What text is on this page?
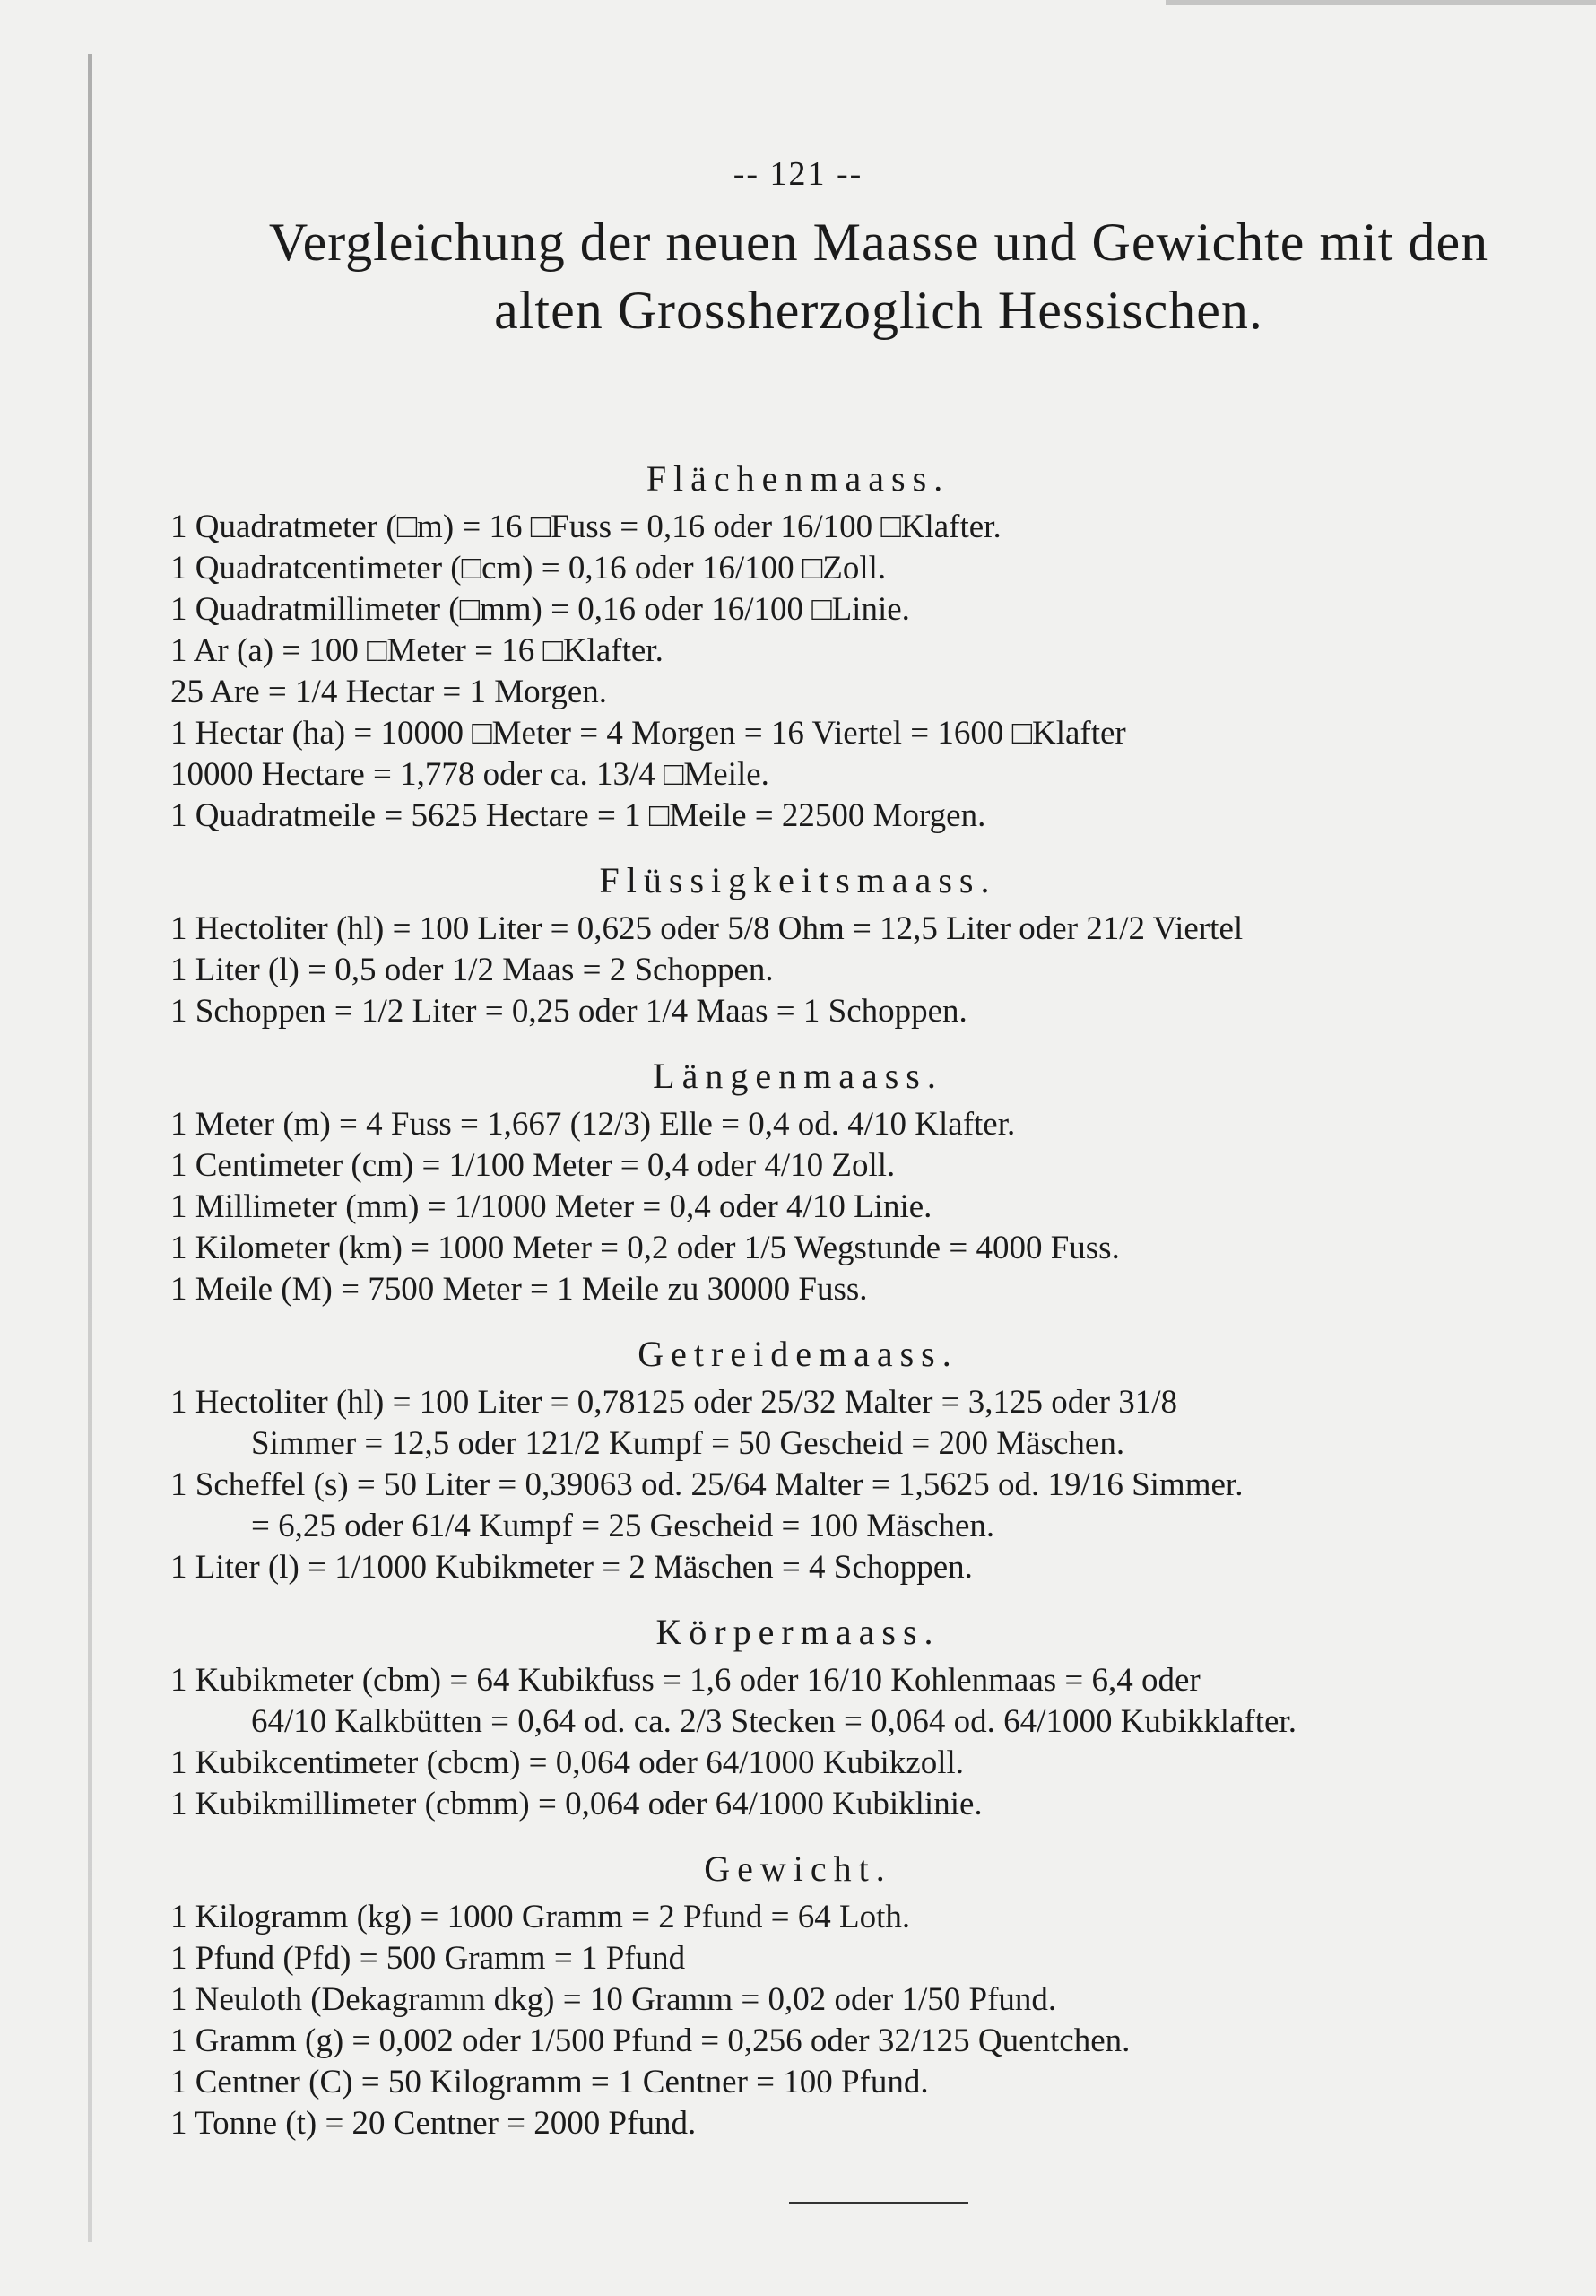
-- 121 --
Vergleichung der neuen Maasse und Gewichte mit den
alten Grossherzoglich Hessischen.
Flächenmaass.
1 Quadratmeter (□m) = 16 □Fuss = 0,16 oder 16/100 □Klafter.
1 Quadratcentimeter (□cm) = 0,16 oder 16/100 □Zoll.
1 Quadratmillimeter (□mm) = 0,16 oder 16/100 □Linie.
1 Ar (a) = 100 □Meter = 16 □Klafter.
25 Are = 1/4 Hectar = 1 Morgen.
1 Hectar (ha) = 10000 □Meter = 4 Morgen = 16 Viertel = 1600 □Klafter
10000 Hectare = 1,778 oder ca. 13/4 □Meile.
1 Quadratmeile = 5625 Hectare = 1 □Meile = 22500 Morgen.
Flüssigkeitsmaass.
1 Hectoliter (hl) = 100 Liter = 0,625 oder 5/8 Ohm = 12,5 Liter oder 21/2 Viertel
1 Liter (l) = 0,5 oder 1/2 Maas = 2 Schoppen.
1 Schoppen = 1/2 Liter = 0,25 oder 1/4 Maas = 1 Schoppen.
Längenmaass.
1 Meter (m) = 4 Fuss = 1,667 (12/3) Elle = 0,4 od. 4/10 Klafter.
1 Centimeter (cm) = 1/100 Meter = 0,4 oder 4/10 Zoll.
1 Millimeter (mm) = 1/1000 Meter = 0,4 oder 4/10 Linie.
1 Kilometer (km) = 1000 Meter = 0,2 oder 1/5 Wegstunde = 4000 Fuss.
1 Meile (M) = 7500 Meter = 1 Meile zu 30000 Fuss.
Getreidemaass.
1 Hectoliter (hl) = 100 Liter = 0,78125 oder 25/32 Malter = 3,125 oder 31/8
Simmer = 12,5 oder 121/2 Kumpf = 50 Gescheid = 200 Mäschen.
1 Scheffel (s) = 50 Liter = 0,39063 od. 25/64 Malter = 1,5625 od. 19/16 Simmer.
= 6,25 oder 61/4 Kumpf = 25 Gescheid = 100 Mäschen.
1 Liter (l) = 1/1000 Kubikmeter = 2 Mäschen = 4 Schoppen.
Körpermaass.
1 Kubikmeter (cbm) = 64 Kubikfuss = 1,6 oder 16/10 Kohlenmaas = 6,4 oder
64/10 Kalkbütten = 0,64 od. ca. 2/3 Stecken = 0,064 od. 64/1000 Kubikklafter.
1 Kubikcentimeter (cbcm) = 0,064 oder 64/1000 Kubikzoll.
1 Kubikmillimeter (cbmm) = 0,064 oder 64/1000 Kubiklinie.
Gewicht.
1 Kilogramm (kg) = 1000 Gramm = 2 Pfund = 64 Loth.
1 Pfund (Pfd) = 500 Gramm = 1 Pfund
1 Neuloth (Dekagramm dkg) = 10 Gramm = 0,02 oder 1/50 Pfund.
1 Gramm (g) = 0,002 oder 1/500 Pfund = 0,256 oder 32/125 Quentchen.
1 Centner (C) = 50 Kilogramm = 1 Centner = 100 Pfund.
1 Tonne (t) = 20 Centner = 2000 Pfund.
